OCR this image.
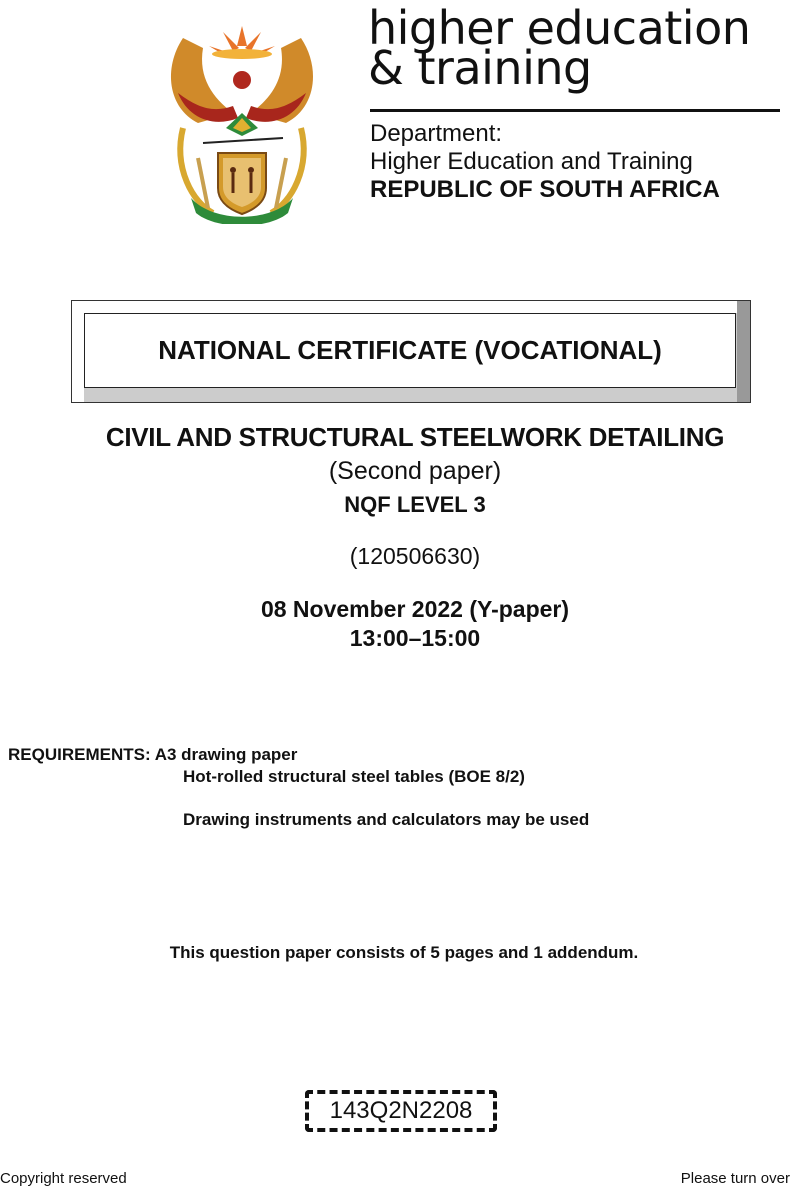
higher education
& training
Department:
Higher Education and Training
REPUBLIC OF SOUTH AFRICA
NATIONAL CERTIFICATE (VOCATIONAL)
CIVIL AND STRUCTURAL STEELWORK DETAILING
(Second paper)
NQF LEVEL 3
(120506630)
08 November 2022 (Y-paper)
13:00–15:00
REQUIREMENTS: A3 drawing paper
Hot-rolled structural steel tables (BOE 8/2)
Drawing instruments and calculators may be used
This question paper consists of 5 pages and 1 addendum.
143Q2N2208
Copyright reserved	Please turn over
